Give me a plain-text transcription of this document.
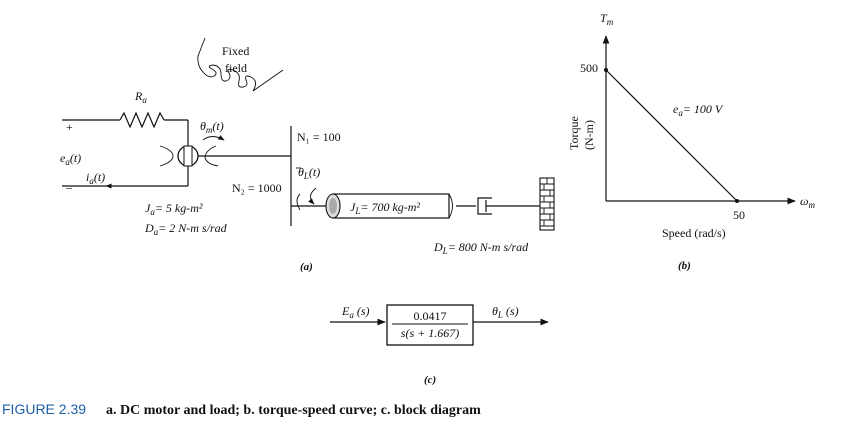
Fixed
field
$R_a$
+
_
$e_a(t)$
$i_a(t)$
$\theta_m(t)$
N₁ = 100
N₂ = 1000
$\theta_L(t)$
$J_L= 700$ kg-m²
$J_a= 5$ kg-m²
$D_a= 2$ N-m s/rad
$D_L= 800$ N-m s/rad
(a)
$T_m$
$\omega_m$
Torque (N-m)
500
50
Speed (rad/s)
$e_a= 100$ V
(b)
$E_a$ (s)	0.0417
s(s + 1.667)
$\theta_L$ (s)
(c)
FIGURE 2.39 a. DC motor and load; b. torque-speed curve; c. block diagram
